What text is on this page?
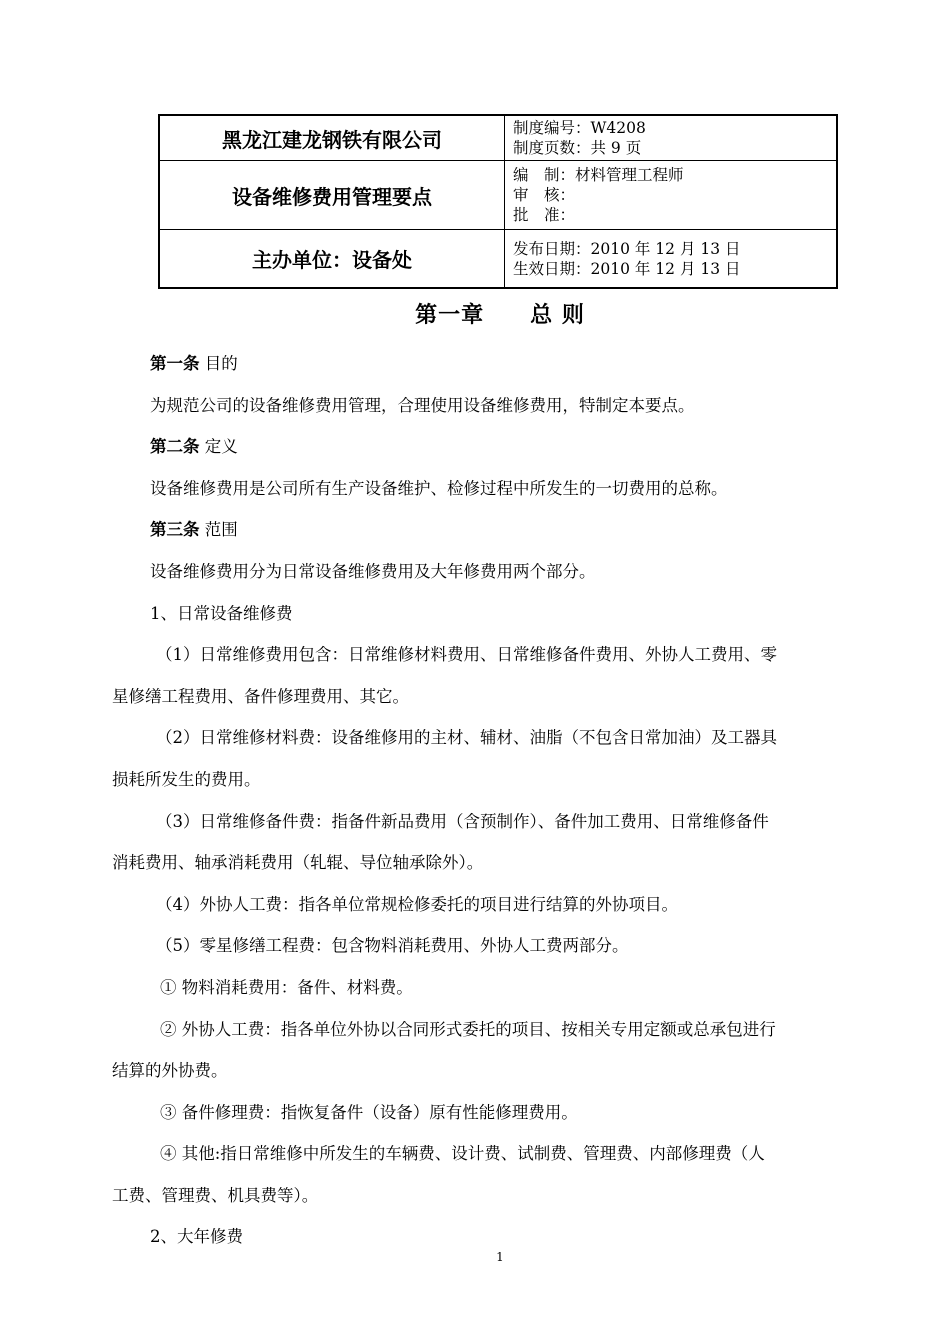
黑龙江建龙钢铁有限公司	制度编号：W4208
制度页数：共 9 页

设备维修费用管理要点	编　制：材料管理工程师
审　核：
批　准：

主办单位：设备处	发布日期：2010 年 12 月 13 日
生效日期：2010 年 12 月 13 日
第一章　　总 则
第一条 目的
为规范公司的设备维修费用管理，合理使用设备维修费用，特制定本要点。
第二条 定义
设备维修费用是公司所有生产设备维护、检修过程中所发生的一切费用的总称。
第三条 范围
设备维修费用分为日常设备维修费用及大年修费用两个部分。
1、日常设备维修费
（1）日常维修费用包含：日常维修材料费用、日常维修备件费用、外协人工费用、零
星修缮工程费用、备件修理费用、其它。
（2）日常维修材料费：设备维修用的主材、辅材、油脂（不包含日常加油）及工器具
损耗所发生的费用。
（3）日常维修备件费：指备件新品费用（含预制作）、备件加工费用、日常维修备件
消耗费用、轴承消耗费用（轧辊、导位轴承除外）。
（4）外协人工费：指各单位常规检修委托的项目进行结算的外协项目。
（5）零星修缮工程费：包含物料消耗费用、外协人工费两部分。
① 物料消耗费用：备件、材料费。
② 外协人工费：指各单位外协以合同形式委托的项目、按相关专用定额或总承包进行
结算的外协费。
③ 备件修理费：指恢复备件（设备）原有性能修理费用。
④ 其他:指日常维修中所发生的车辆费、设计费、试制费、管理费、内部修理费（人
工费、管理费、机具费等）。
2、大年修费
1
